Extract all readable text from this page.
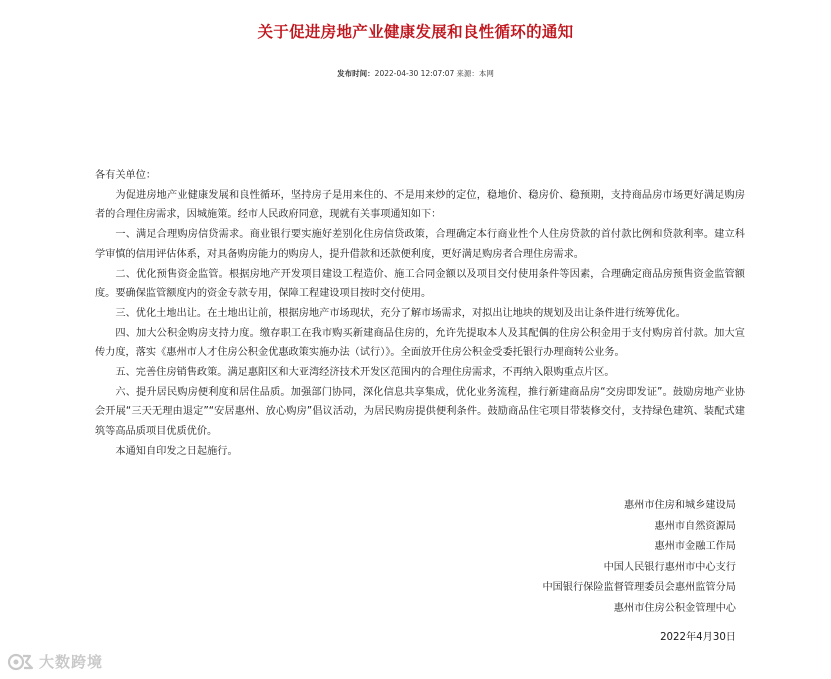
关于促进房地产业健康发展和良性循环的通知
发布时间：2022-04-30 12:07:07 来源：本网

各有关单位：

为促进房地产业健康发展和良性循环，坚持房子是用来住的、不是用来炒的定位，稳地价、稳房价、稳预期，支持商品房市场更好满足购房者的合理住房需求，因城施策。经市人民政府同意，现就有关事项通知如下：

一、满足合理购房信贷需求。商业银行要实施好差别化住房信贷政策，合理确定本行商业性个人住房贷款的首付款比例和贷款利率。建立科学审慎的信用评估体系，对具备购房能力的购房人，提升借款和还款便利度，更好满足购房者合理住房需求。

二、优化预售资金监管。根据房地产开发项目建设工程造价、施工合同金额以及项目交付使用条件等因素，合理确定商品房预售资金监管额度。要确保监管额度内的资金专款专用，保障工程建设项目按时交付使用。

三、优化土地出让。在土地出让前，根据房地产市场现状，充分了解市场需求，对拟出让地块的规划及出让条件进行统筹优化。

四、加大公积金购房支持力度。缴存职工在我市购买新建商品住房的，允许先提取本人及其配偶的住房公积金用于支付购房首付款。加大宣传力度，落实《惠州市人才住房公积金优惠政策实施办法（试行）》。全面放开住房公积金受委托银行办理商转公业务。

五、完善住房销售政策。满足惠阳区和大亚湾经济技术开发区范围内的合理住房需求，不再纳入限购重点片区。

六、提升居民购房便利度和居住品质。加强部门协同，深化信息共享集成，优化业务流程，推行新建商品房“交房即发证”。鼓励房地产业协会开展“三天无理由退定”“安居惠州、放心购房”倡议活动，为居民购房提供便利条件。鼓励商品住宅项目带装修交付，支持绿色建筑、装配式建筑等高品质项目优质优价。

本通知自印发之日起施行。

惠州市住房和城乡建设局
惠州市自然资源局
惠州市金融工作局
中国人民银行惠州市中心支行
中国银行保险监督管理委员会惠州监管分局
惠州市住房公积金管理中心
2022年4月30日
大数跨境
